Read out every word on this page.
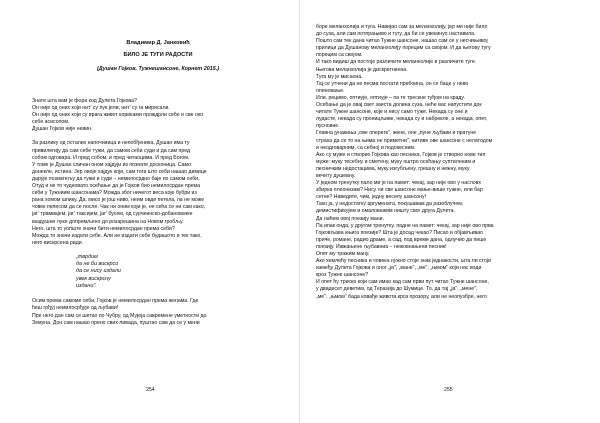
Владимир Д. Јанковић
БИЛО ЈЕ ТУГИ РАДОСТИ
(Душан Гојков, Тужнешансоне, Корнет 2015.)
Знате шта вам је фора код Дулета Гојкова?
Он није од оних који нит' су лук јели, нит' су га мирисали.
Он није од оних који су врага живот кориками прождрли себе и све око
себе асисолом.
Душан Гојков није невин.
За разлику од осталих напочниица и непобђеника, Душан има ту
привилегију да сам себе тужи, да самом себи суди и да сам пред
собом одговара. И пред собом, и пред читаоцима. И пред Богом.
У томе је Душан сличан оном хајдуји из познате досконица. Само
донекле, истина. Јер овоје хајдук који, сам тога што себи нашао димице
дарује позиатељу да тужи и суди – немилосрдно баје по самом себи.
Отуд и не то чудновато осећање да је Гојков био немилосрдан према
себи у Тужниим шансонама? Можда због ничегот веса које бубри из
рана хомом шпику. Да, мисо је још ниво, неим овде петела, па не може
човек пелесом да се после. Чак ни оним који је, не сећа се ни сам како,
јаг' трамвајем, јаг' таксијем, јаг' бусем, од сурчеинско-добановачке
ваздушне луке допремљено до розарешина на Новом гробљу.
Него, шта то уопште значи бити немилосрдан према себи?
Можда то значи издати себе. Али не издати себе будашото и тек тако,
него вискрсена ради.
„тврдим
да не би вискрсо
да се нису издали
увек вискрсну
издани".
Осим према самоме себи, Гојков је немилосрдан према женама. Где
ћеш грђуј немилосрђује од љубави!
Пре него дан сам се шетао по Чубру, од Мујеја савремене уметности до
Земуна. Дон сам нашао прено свих ливада, пуштао сам да се у мени
254
боре меланхолија и туга. Навијао сам за меланхолију, јер ми није било
до суза, али сам потпрањиво и тугу, да би се увекинуо наставила.
Пошто сам тек дана читао Тужне шансоне, нашао сам се у несчињивој
прилици да Душанову меланхолију порецим са својом. И да његову тугу
порецим са својом.
И тако видиш да постоје различите меланхолије и различите туге.
Његова меланхолија је дискретнинна.
Туга му је мисаона.
Тај се утчени да не песма постати пребоина, он се баце у нево
опиновање.
Или, рецимо, оптиује, оптиује – па те трескне туђом на краду.
Осећање да је овај свет заиста долина суза, неће вас напустити док
читате Тужне шансоне, које и нису само туже. Некада су оне и
лудасте, некада су проницљиве, некада су и набрекле, а некада, опет,
пусновне.
Главна јунакиња „ове опереге", жене, оне „пуне љубави и пратуне
страха да се то на њима не приметни", нитиве ове шансоне с нелатодом
и неодговарним, са себној и подсвесним.
Ако су муже и створио Гојкова као песника, Гојков је створио нове тип
муже: муку тесебну и сметену, муку оштро осећању суптилнним и
песничким недостацима, муку изгубљену, грешну и нежну, муку
вечиту душевну.
У једном тренутку пало ми је на памет: чекај, зар није ово у насловх
збирка плеонизам? Нису ли све шансоне мање-више тужне, или бар
сетне? Наведите, чим, једну веселу шансону!
Тако ја, у недостатку аргумената, покушавам да разоблучем,
демистификујем и омаловажим ништу свог друга Дулета.
Да наћем овој поезију мани.
Па ипак онда, у другом тренутку, падне на памет: чекај, зар није ово прва
Гојковљава књига поезије? Шта је досад чекао? Писао и објављивао
приче, романе, радио драме, а сад, под време дана, одлучио да пише
поезију. Ижжањене љубавниа – нежовнањени песник!
Опет му тражим ману.
Ако хемлећу песника и човека нужно стоје знак једнакости, шта ли стоји
између Дулета Гојкова и оног „ја", „мане", „ме", „њмом" који нас води
кроз Тужне шансоне?
И опет ћу триско који сам имао кад сам први пут читао Тужне шансоне,
у двадесет деветим, од Теразија до Шумице. То, да тај „ја", „мене",
„ме", „њмом" бада ковађе живота кроз прозору, али не неопузбре, него
255
